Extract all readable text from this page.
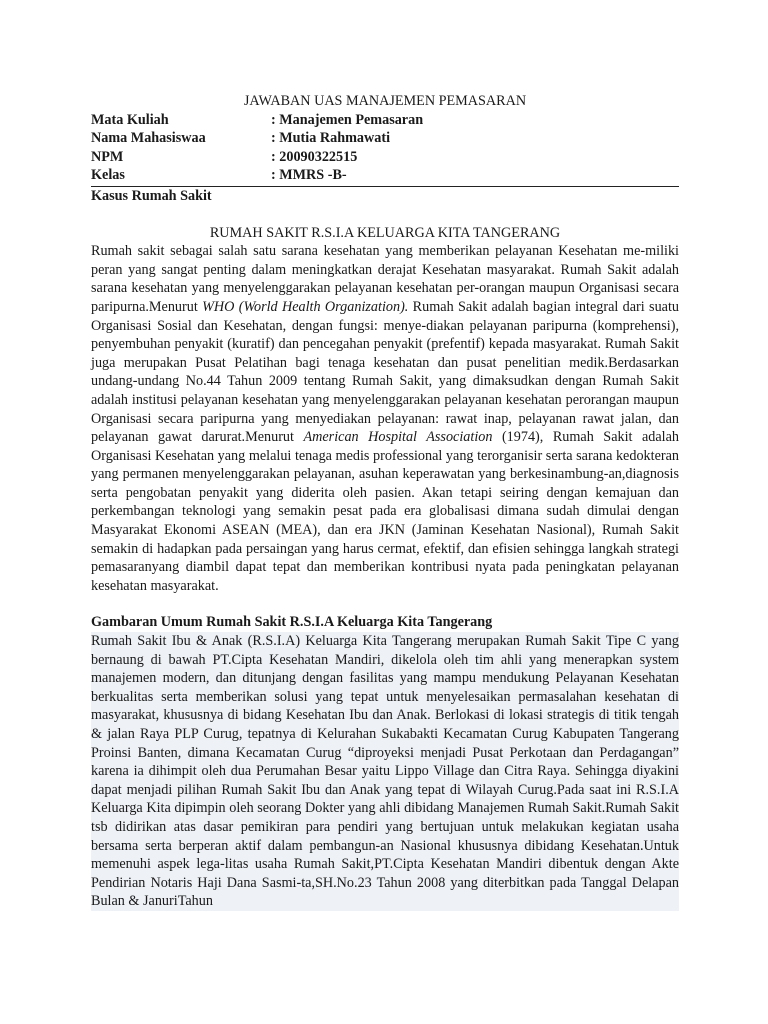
JAWABAN UAS MANAJEMEN PEMASARAN

Mata Kuliah	: Manajemen Pemasaran
Nama Mahasiswaa	: Mutia Rahmawati
NPM	: 20090322515
Kelas	: MMRS -B-

Kasus Rumah Sakit

RUMAH SAKIT R.S.I.A KELUARGA KITA TANGERANG

Rumah sakit sebagai salah satu sarana kesehatan yang memberikan pelayanan Kesehatan me-miliki peran yang sangat penting dalam meningkatkan derajat Kesehatan masyarakat. Rumah Sakit adalah sarana kesehatan yang menyelenggarakan pelayanan kesehatan per-orangan maupun Organisasi secara paripurna.Menurut WHO (World Health Organization). Rumah Sakit adalah bagian integral dari suatu Organisasi Sosial dan Kesehatan, dengan fungsi: menye-diakan pelayanan paripurna (komprehensi), penyembuhan penyakit (kuratif) dan pencegahan penyakit (prefentif) kepada masyarakat. Rumah Sakit juga merupakan Pusat Pelatihan bagi tenaga kesehatan dan pusat penelitian medik.Berdasarkan undang-undang No.44 Tahun 2009 tentang Rumah Sakit, yang dimaksudkan dengan Rumah Sakit adalah institusi pelayanan kesehatan yang menyelenggarakan pelayanan kesehatan perorangan maupun Organisasi secara paripurna yang menyediakan pelayanan: rawat inap, pelayanan rawat jalan, dan pelayanan gawat darurat.Menurut American Hospital Association (1974), Rumah Sakit adalah Organisasi Kesehatan yang melalui tenaga medis professional yang terorganisir serta sarana kedokteran yang permanen menyelenggarakan pelayanan, asuhan keperawatan yang berkesinambung-an,diagnosis serta pengobatan penyakit yang diderita oleh pasien. Akan tetapi seiring dengan kemajuan dan perkembangan teknologi yang semakin pesat pada era globalisasi dimana sudah dimulai dengan Masyarakat Ekonomi ASEAN (MEA), dan era JKN (Jaminan Kesehatan Nasional), Rumah Sakit semakin di hadapkan pada persaingan yang harus cermat, efektif, dan efisien sehingga langkah strategi pemasaranyang diambil dapat tepat dan memberikan kontribusi nyata pada peningkatan pelayanan kesehatan masyarakat.

Gambaran Umum Rumah Sakit R.S.I.A Keluarga Kita Tangerang

Rumah Sakit Ibu & Anak (R.S.I.A) Keluarga Kita Tangerang merupakan Rumah Sakit Tipe C yang bernaung di bawah PT.Cipta Kesehatan Mandiri, dikelola oleh tim ahli yang menerapkan system manajemen modern, dan ditunjang dengan fasilitas yang mampu mendukung Pelayanan Kesehatan berkualitas serta memberikan solusi yang tepat untuk menyelesaikan permasalahan kesehatan di masyarakat, khususnya di bidang Kesehatan Ibu dan Anak. Berlokasi di lokasi strategis di titik tengah & jalan Raya PLP Curug, tepatnya di Kelurahan Sukabakti Kecamatan Curug Kabupaten Tangerang Proinsi Banten, dimana Kecamatan Curug “diproyeksi menjadi Pusat Perkotaan dan Perdagangan” karena ia dihimpit oleh dua Perumahan Besar yaitu Lippo Village dan Citra Raya. Sehingga diyakini dapat menjadi pilihan Rumah Sakit Ibu dan Anak yang tepat di Wilayah Curug.Pada saat ini R.S.I.A Keluarga Kita dipimpin oleh seorang Dokter yang ahli dibidang Manajemen Rumah Sakit.Rumah Sakit tsb didirikan atas dasar pemikiran para pendiri yang bertujuan untuk melakukan kegiatan usaha bersama serta berperan aktif dalam pembangun-an Nasional khususnya dibidang Kesehatan.Untuk memenuhi aspek lega-litas usaha Rumah Sakit,PT.Cipta Kesehatan Mandiri dibentuk dengan Akte Pendirian Notaris Haji Dana Sasmi-ta,SH.No.23 Tahun 2008 yang diterbitkan pada Tanggal Delapan Bulan & JanuriTahun
